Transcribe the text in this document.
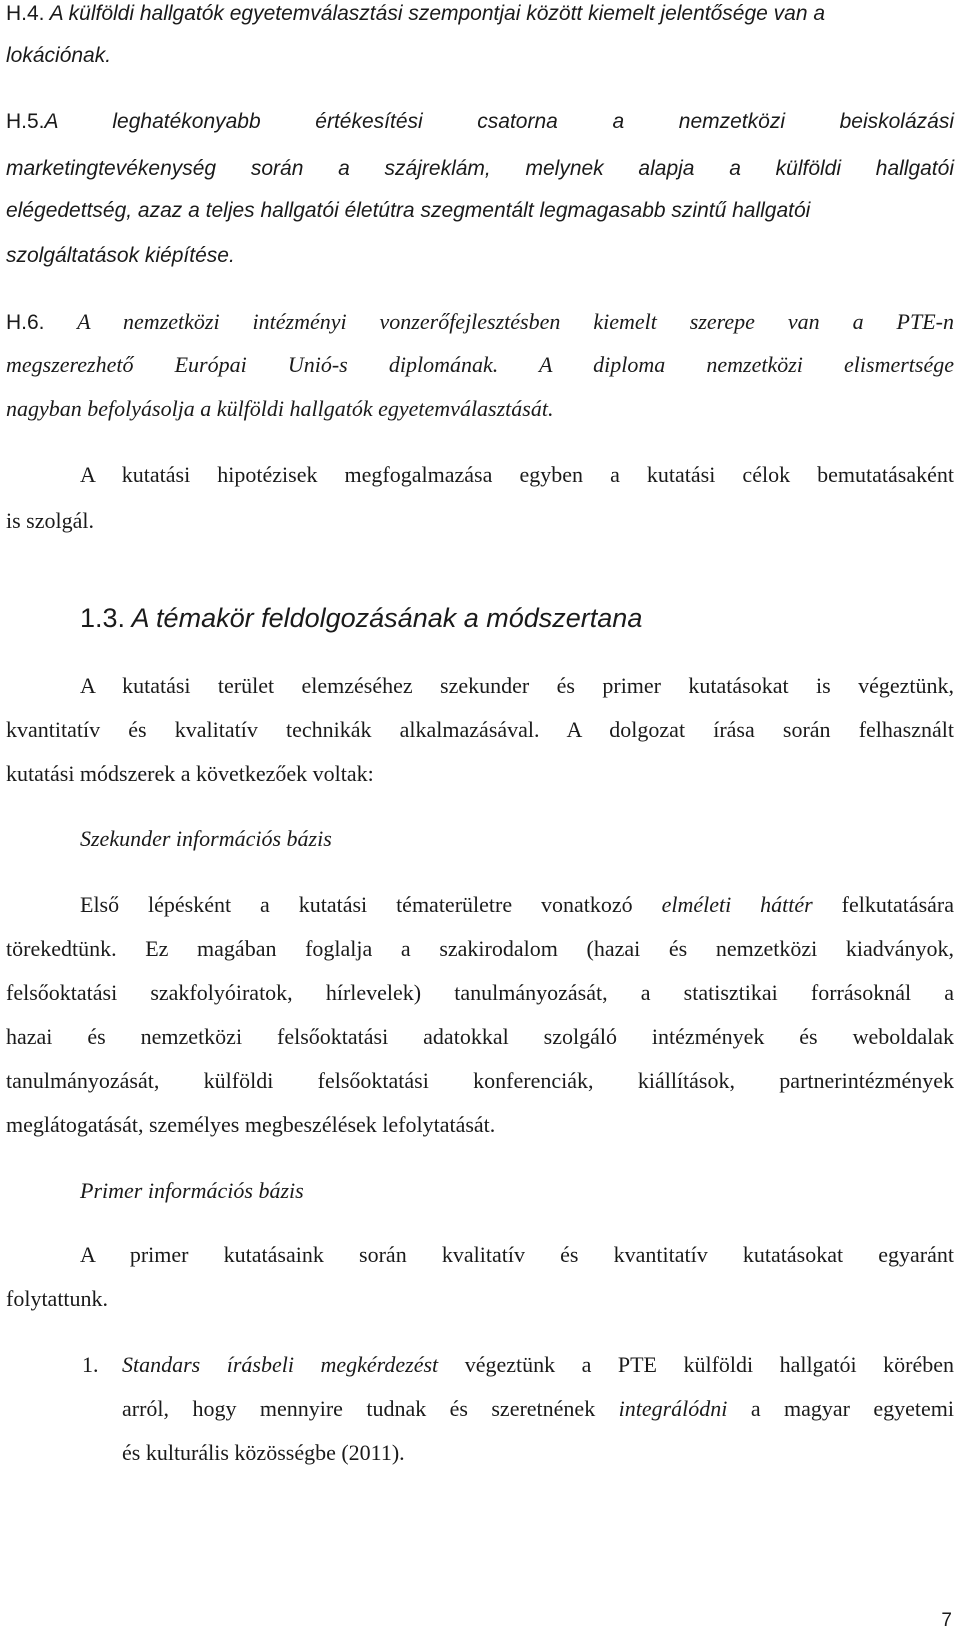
H.4. A külföldi hallgatók egyetemválasztási szempontjai között kiemelt jelentősége van a
lokációnak.
H.5.A leghatékonyabb értékesítési csatorna a nemzetközi beiskolázási
marketingtevékenység során a szájreklám, melynek alapja a külföldi hallgatói
elégedettség, azaz a teljes hallgatói életútra szegmentált legmagasabb szintű hallgatói
szolgáltatások kiépítése.
H.6. A nemzetközi intézményi vonzerőfejlesztésben kiemelt szerepe van a PTE-n
megszerezhető Európai Unió-s diplomának. A diploma nemzetközi elismertsége
nagyban befolyásolja a külföldi hallgatók egyetemválasztását.
A kutatási hipotézisek megfogalmazása egyben a kutatási célok bemutatásaként
is szolgál.
1.3. A témakör feldolgozásának a módszertana
A kutatási terület elemzéséhez szekunder és primer kutatásokat is végeztünk,
kvantitatív és kvalitatív technikák alkalmazásával. A dolgozat írása során felhasznált
kutatási módszerek a következőek voltak:
Szekunder információs bázis
Első lépésként a kutatási tématerületre vonatkozó elméleti háttér felkutatására
törekedtünk. Ez magában foglalja a szakirodalom (hazai és nemzetközi kiadványok,
felsőoktatási szakfolyóiratok, hírlevelek) tanulmányozását, a statisztikai forrásoknál a
hazai és nemzetközi felsőoktatási adatokkal szolgáló intézmények és weboldalak
tanulmányozását, külföldi felsőoktatási konferenciák, kiállítások, partnerintézmények
meglátogatását, személyes megbeszélések lefolytatását.
Primer információs bázis
A primer kutatásaink során kvalitatív és kvantitatív kutatásokat egyaránt
folytattunk.
1. Standars írásbeli megkérdezést végeztünk a PTE külföldi hallgatói körében
arról, hogy mennyire tudnak és szeretnének integrálódni a magyar egyetemi
és kulturális közösségbe (2011).
7
